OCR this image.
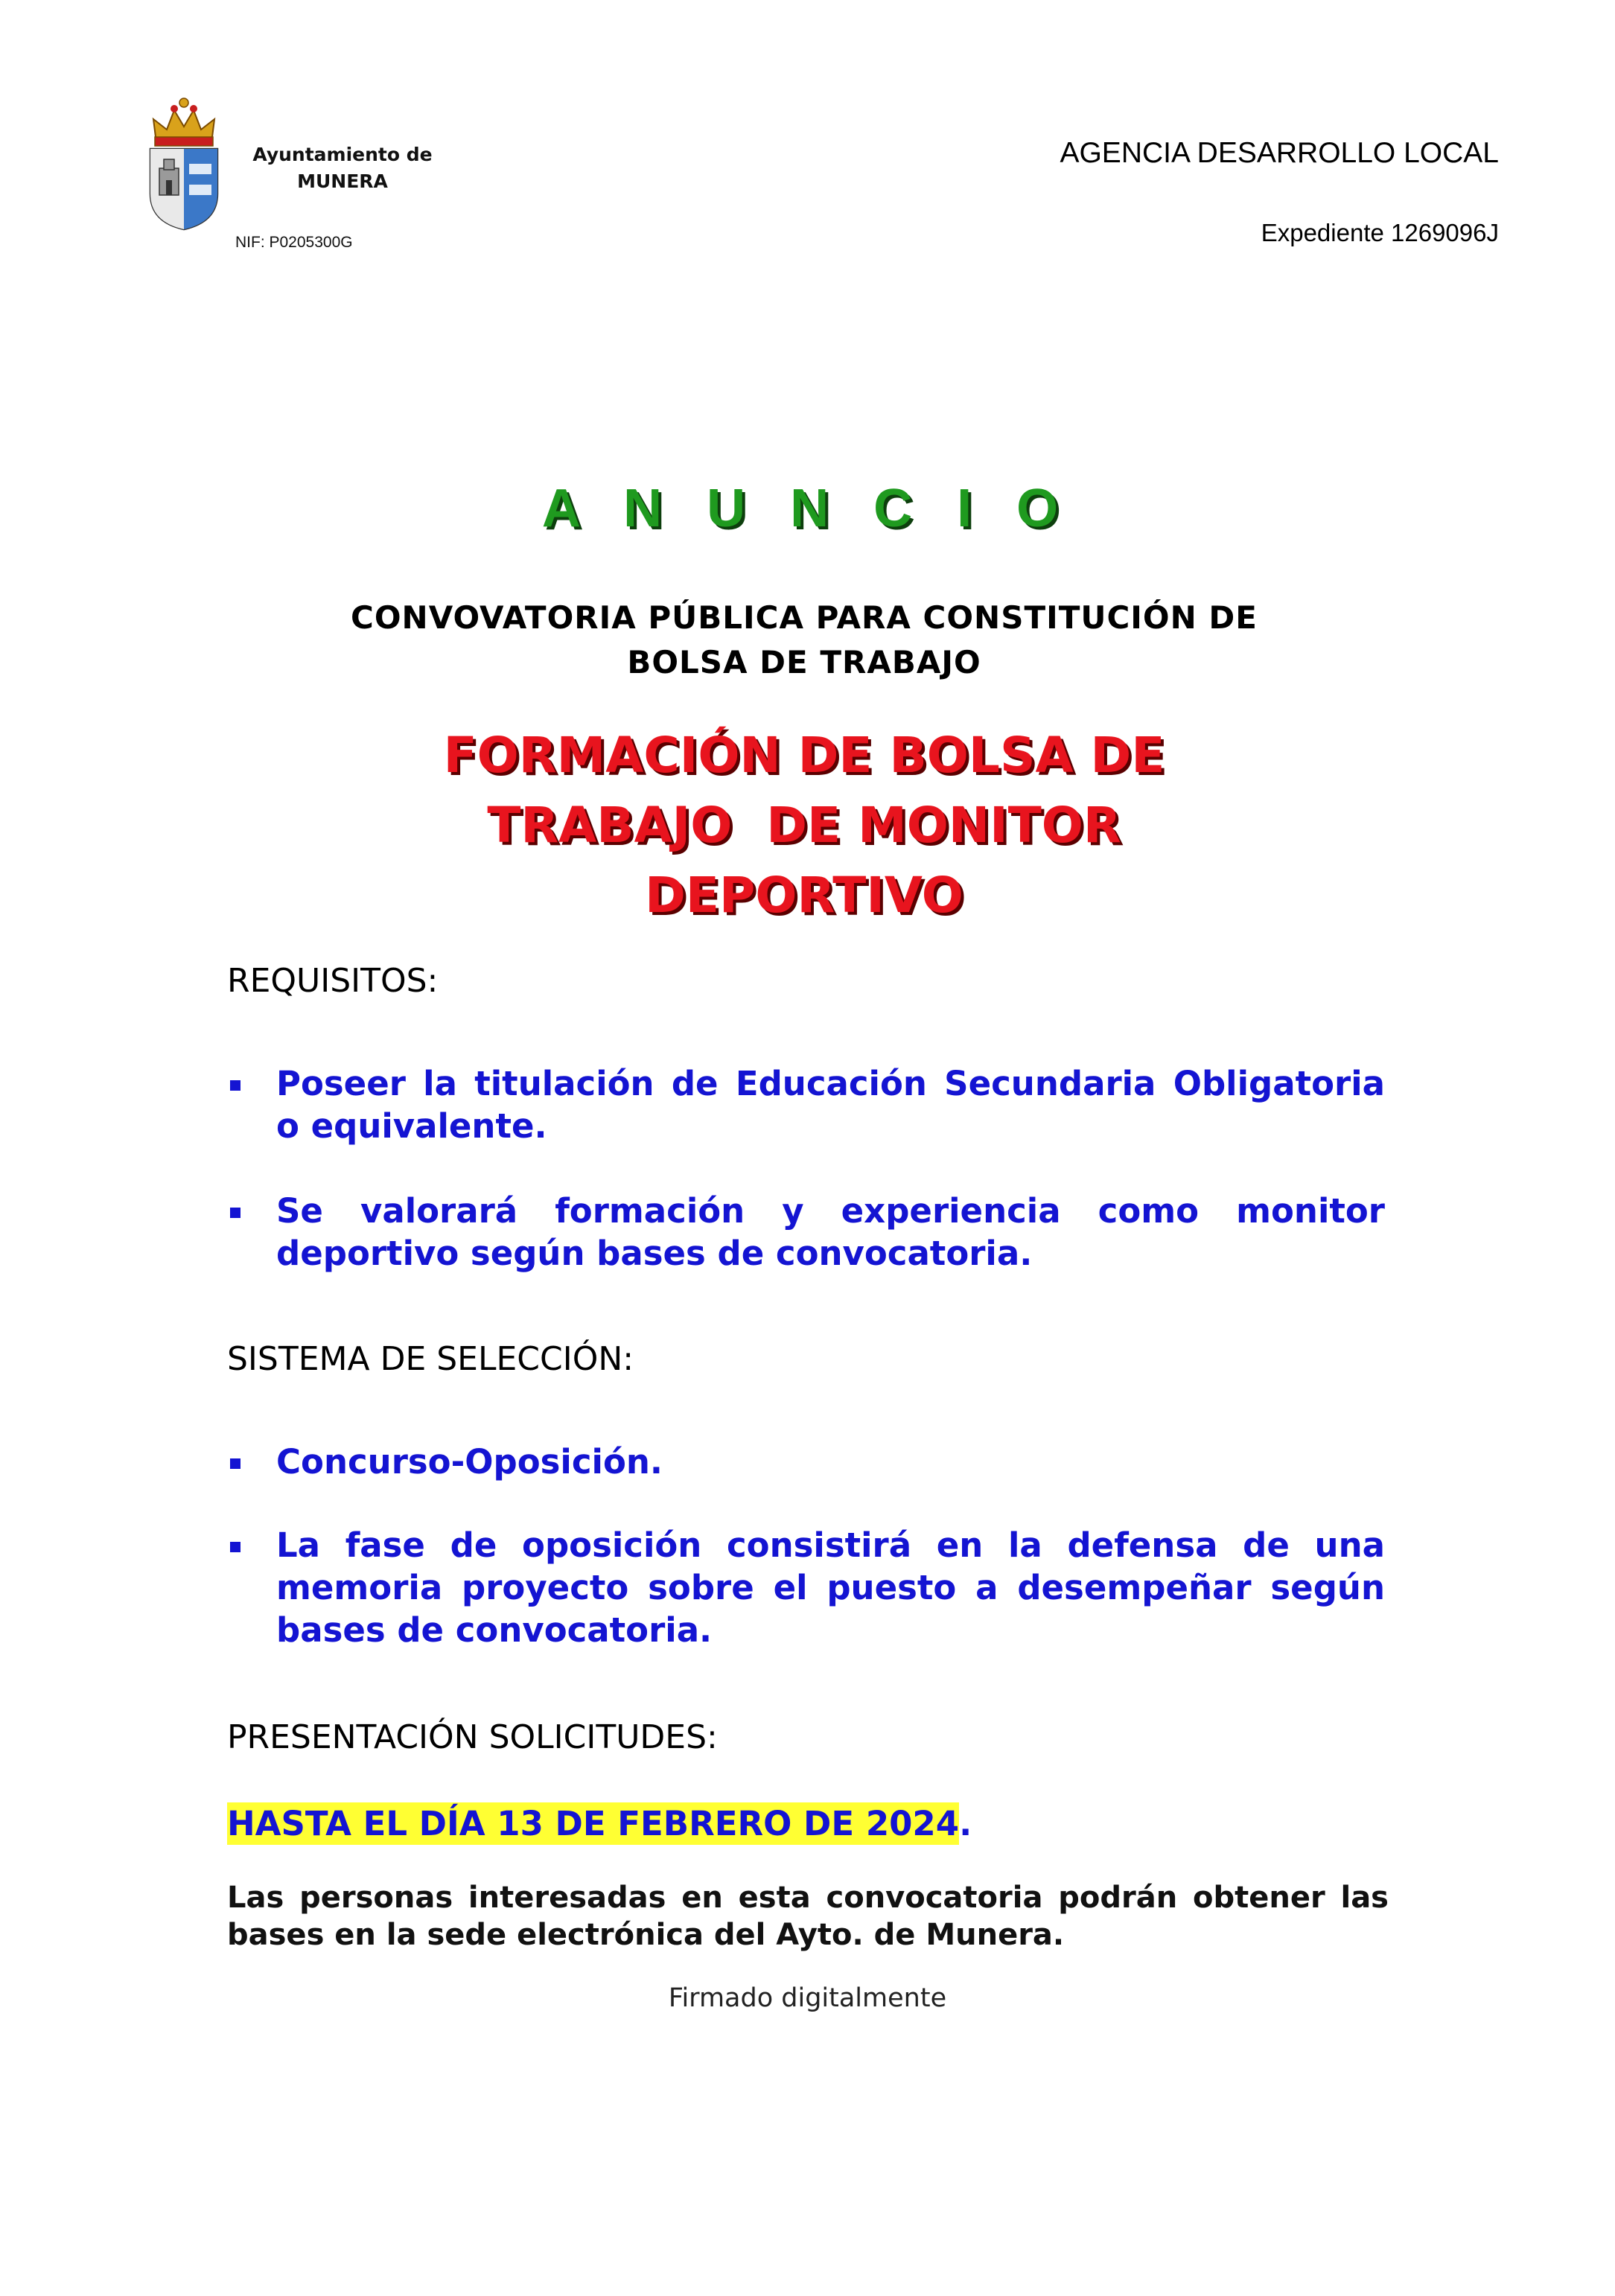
Ayuntamiento de
MUNERA
NIF: P0205300G
AGENCIA DESARROLLO LOCAL
Expediente 1269096J
A N U N C I O
CONVOVATORIA PÚBLICA PARA CONSTITUCIÓN DE
BOLSA DE TRABAJO
FORMACIÓN DE BOLSA DE
TRABAJO  DE MONITOR
DEPORTIVO
REQUISITOS:
Poseer la titulación de Educación Secundaria Obligatoria o equivalente.
Se valorará formación y experiencia como monitor deportivo según bases de convocatoria.
SISTEMA DE SELECCIÓN:
Concurso-Oposición.
La fase de oposición consistirá en la defensa de una memoria proyecto sobre el puesto a desempeñar según bases de convocatoria.
PRESENTACIÓN SOLICITUDES:
HASTA EL DÍA 13 DE FEBRERO DE 2024.
Las personas interesadas en esta convocatoria podrán obtener las bases en la sede electrónica del Ayto. de Munera.
Firmado digitalmente
